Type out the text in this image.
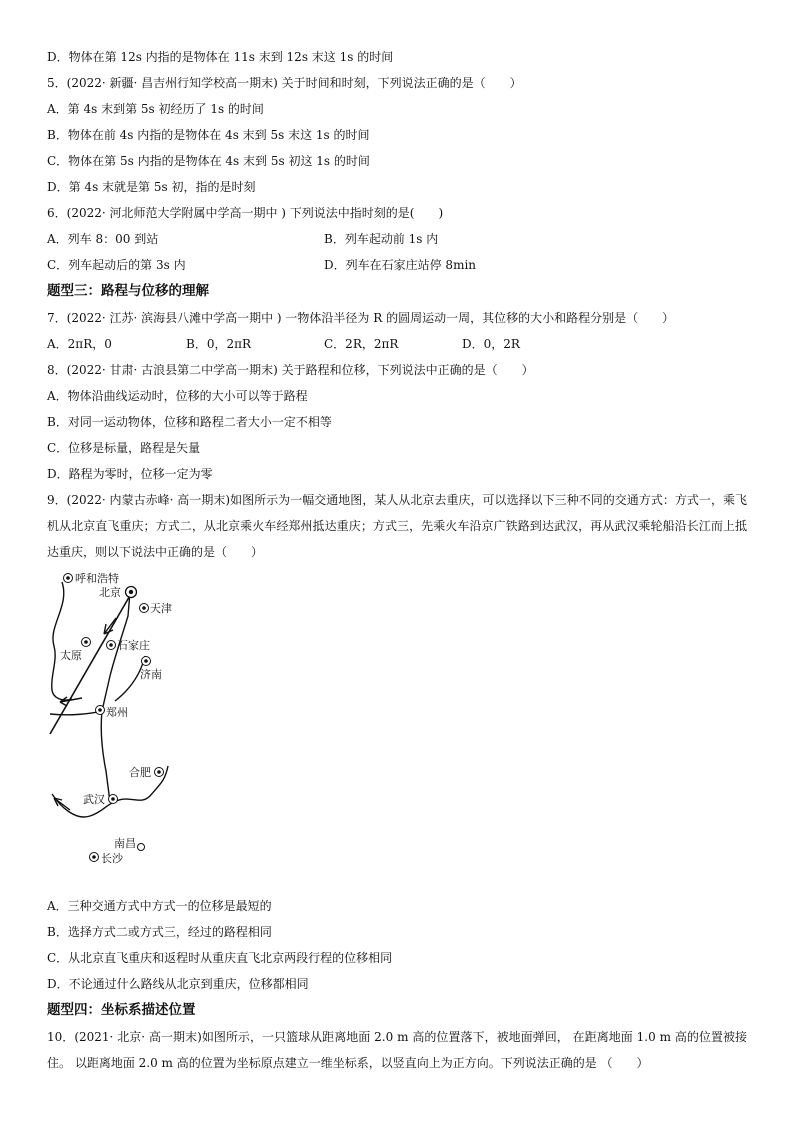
D．物体在第 12s 内指的是物体在 11s 末到 12s 末这 1s 的时间
5．(2022· 新疆· 昌吉州行知学校高一期末) 关于时间和时刻，下列说法正确的是（　　）
A．第 4s 末到第 5s 初经历了 1s 的时间
B．物体在前 4s 内指的是物体在 4s 末到 5s 末这 1s 的时间
C．物体在第 5s 内指的是物体在 4s 末到 5s 初这 1s 的时间
D．第 4s 末就是第 5s 初，指的是时刻
6．(2022· 河北师范大学附属中学高一期中 ) 下列说法中指时刻的是(　　)
A．列车 8：00 到站	B．列车起动前 1s 内
C．列车起动后的第 3s 内	D．列车在石家庄站停 8min
题型三：路程与位移的理解
7．(2022· 江苏· 滨海县八滩中学高一期中 ) 一物体沿半径为 R 的圆周运动一周，其位移的大小和路程分别是（　　）
A．2πR，0	B．0，2πR	C．2R，2πR	D．0，2R
8．(2022· 甘肃· 古浪县第二中学高一期末) 关于路程和位移，下列说法中正确的是（　　）
A．物体沿曲线运动时，位移的大小可以等于路程
B．对同一运动物体，位移和路程二者大小一定不相等
C．位移是标量，路程是矢量
D．路程为零时，位移一定为零
9．(2022· 内蒙古赤峰· 高一期末)如图所示为一幅交通地图，某人从北京去重庆，可以选择以下三种不同的交通方式：方式一，乘飞机从北京直飞重庆；方式二，从北京乘火车经郑州抵达重庆；方式三，先乘火车沿京广铁路到达武汉，再从武汉乘轮船沿长江而上抵达重庆，则以下说法中正确的是（　　）
呼和浩特
北京
天津
石家庄
太原
济南
郑州
合肥
武汉
南昌
长沙
A．三种交通方式中方式一的位移是最短的
B．选择方式二或方式三，经过的路程相同
C．从北京直飞重庆和返程时从重庆直飞北京两段行程的位移相同
D．不论通过什么路线从北京到重庆，位移都相同
题型四：坐标系描述位置
10．(2021· 北京· 高一期末)如图所示，一只篮球从距离地面 2.0 m 高的位置落下，被地面弹回， 在距离地面 1.0 m 高的位置被接住。 以距离地面 2.0 m 高的位置为坐标原点建立一维坐标系，以竖直向上为正方向。下列说法正确的是 （　　）
